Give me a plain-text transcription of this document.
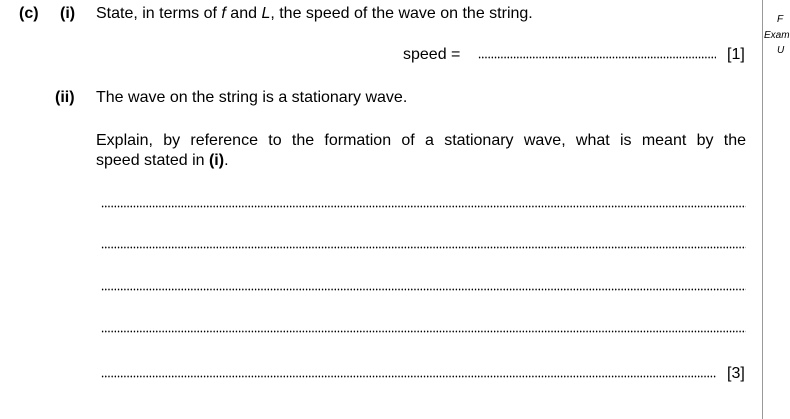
(c) (i) State, in terms of f and L, the speed of the wave on the string.
speed =	[1]
(ii) The wave on the string is a stationary wave.
Explain, by reference to the formation of a stationary wave, what is meant by the
speed stated in (i).
[3]
F
Exam
U
